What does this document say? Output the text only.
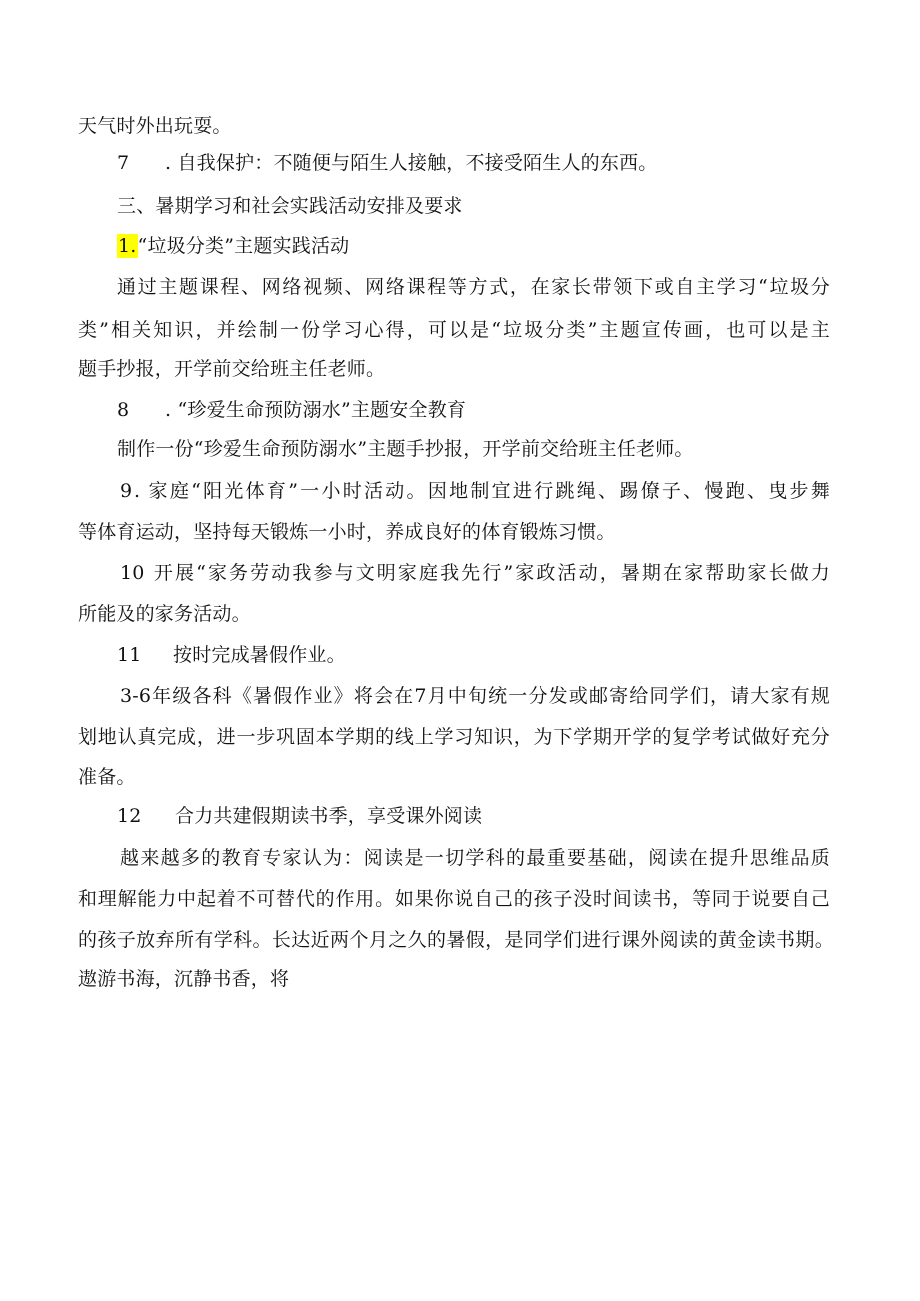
天气时外出玩耍。
7 . 自我保护：不随便与陌生人接触，不接受陌生人的东西。
三、暑期学习和社会实践活动安排及要求
1.“垃圾分类”主题实践活动
通过主题课程、网络视频、网络课程等方式，在家长带领下或自主学习“垃圾分
类”相关知识，并绘制一份学习心得，可以是“垃圾分类”主题宣传画，也可以是主
题手抄报，开学前交给班主任老师。
8 . “珍爱生命预防溺水”主题安全教育
制作一份“珍爱生命预防溺水”主题手抄报，开学前交给班主任老师。
9. 家庭“阳光体育”一小时活动。因地制宜进行跳绳、踢僚子、慢跑、曳步舞
等体育运动，坚持每天锻炼一小时，养成良好的体育锻炼习惯。
10 开展“家务劳动我参与文明家庭我先行”家政活动，暑期在家帮助家长做力
所能及的家务活动。
11 按时完成暑假作业。
3-6年级各科《暑假作业》将会在7月中旬统一分发或邮寄给同学们，请大家有规
划地认真完成，进一步巩固本学期的线上学习知识，为下学期开学的复学考试做好充分
准备。
12 合力共建假期读书季，享受课外阅读
越来越多的教育专家认为：阅读是一切学科的最重要基础，阅读在提升思维品质
和理解能力中起着不可替代的作用。如果你说自己的孩子没时间读书，等同于说要自己
的孩子放弃所有学科。长达近两个月之久的暑假，是同学们进行课外阅读的黄金读书期。
遨游书海，沉静书香，将
